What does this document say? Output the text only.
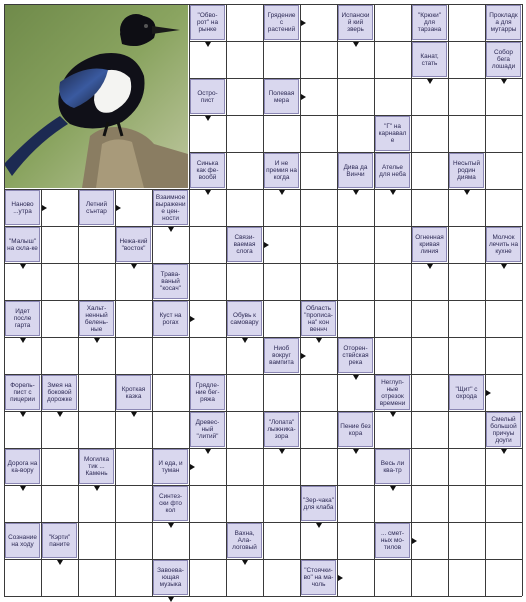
"Обво-рот" на рынке
Грядение с растений
Испанский кий зверь
"Крюки" для тарзана
Прокладка для мутарры
Канат, стать
Собор бега лошади
Остро-пист
Полевая мера
"Г" на карнавале
Синька как фе-вообй
И не премия на когда
Дива да Винчи
Ателье для неба
Несытый родин дияма
Наново ...утра
Летний сънтар
Взаимное выражение цен-ности
"Малыш" на скла-ке
Нежа-кий "восток"
Связи-ваемая слога
Огненная кривая линия
Молчок лечить на кухне
Трава-ваный "косач"
Идет после гарта
Хальт-ненный белень-ные
Куст на рогах
Обувь к самовару
Область "прописа-на" кон веннч
Ниоб вокруг вампита
Оторен-ствйская река
Форель-пист с пицерии
Змея на боковой дорожке
Кроткая казка
Грядле-ние бег-ряжа
Неглуп-ные отрезок времени
"Щит" с охрода
Древес-ный "литий"
"Лопата" лыжника-зора
Пение без кора
Смелый большой причуы доуги
Дорога на ка-вору
Могилка тик ... Камень
И еда, и туман
Весь ли ква-тр
Синтез-ски фто кол
"Зер-чака" для клаба
Сознание на ходу
"Кэрти" паните
Вахна, Ала-логовый
... смет-ных мо-тилов
Завоева-ющая музыка
"Стоячки-во" на ма-чоль
